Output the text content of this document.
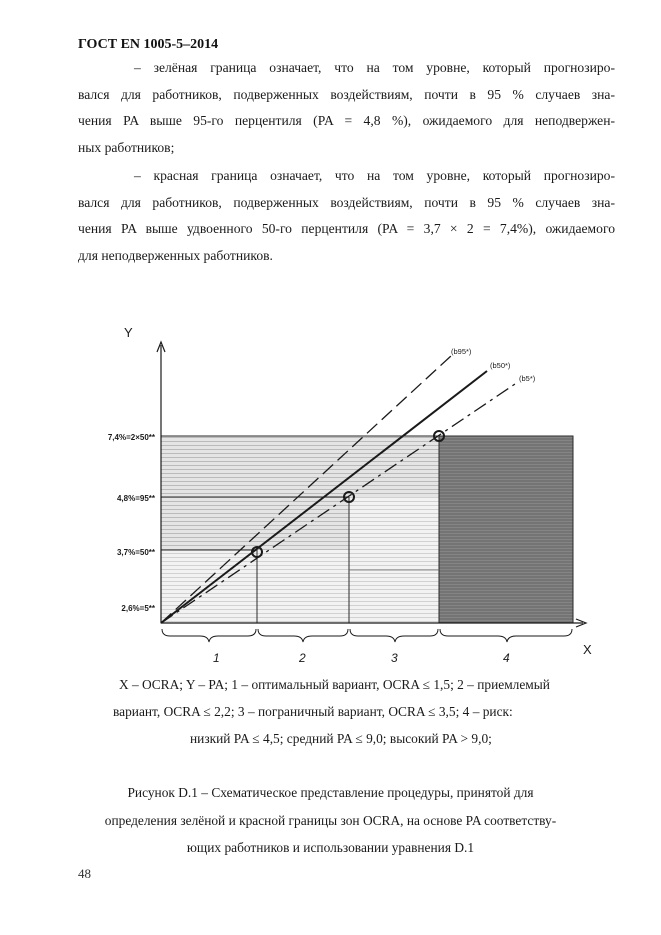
ГОСТ EN 1005-5–2014
– зелёная граница означает, что на том уровне, который прогнозиро-
вался для работников, подверженных воздействиям, почти в 95 % случаев зна-
чения PA выше 95-го перцентиля (PA = 4,8 %), ожидаемого для неподвержен-
ных работников;
– красная граница означает, что на том уровне, который прогнозиро-
вался для работников, подверженных воздействиям, почти в 95 % случаев зна-
чения PA выше удвоенного 50-го перцентиля (PA = 3,7 × 2 = 7,4%), ожидаемого
для неподверженных работников.
Y
X
7,4%=2×50**
4,8%=95**
3,7%=50**
2,6%=5**
(b95*)
(b50*)
(b5*)
1	2	3	4
X – OCRA; Y – PA; 1 – оптимальный вариант, OCRA ≤ 1,5; 2 – приемлемый
вариант, OCRA ≤ 2,2; 3 – пограничный вариант, OCRA ≤ 3,5; 4 – риск:
низкий PA ≤ 4,5; средний PA ≤ 9,0; высокий PA > 9,0;
Рисунок D.1 – Схематическое представление процедуры, принятой для
определения зелёной и красной границы зон OCRA, на основе PA соответству-
ющих работников и использовании уравнения D.1
48
